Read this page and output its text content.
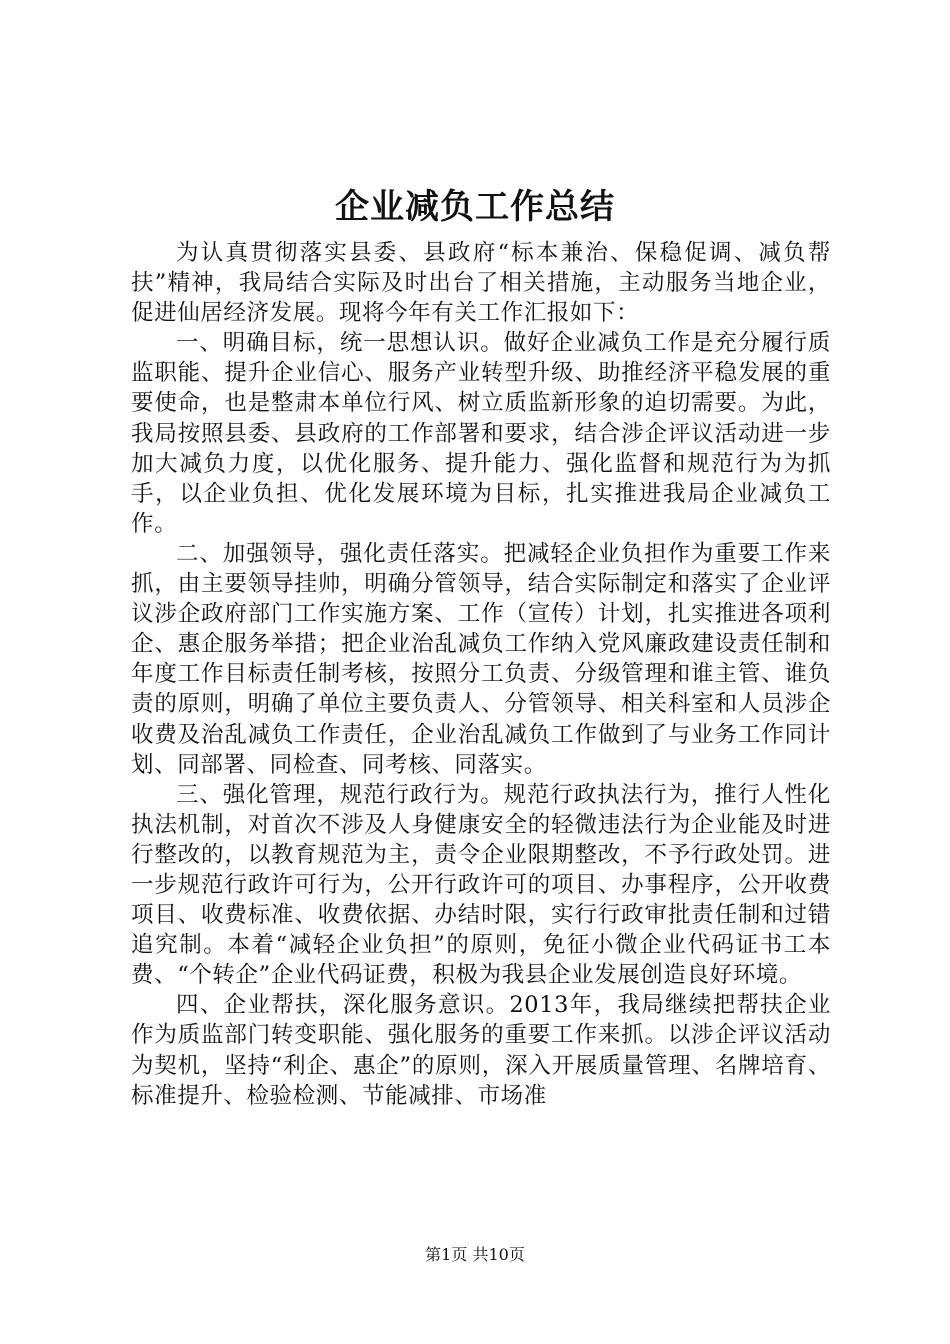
企业减负工作总结

为认真贯彻落实县委、县政府“标本兼治、保稳促调、减负帮扶”精神，我局结合实际及时出台了相关措施，主动服务当地企业，促进仙居经济发展。现将今年有关工作汇报如下：

一、明确目标，统一思想认识。做好企业减负工作是充分履行质监职能、提升企业信心、服务产业转型升级、助推经济平稳发展的重要使命，也是整肃本单位行风、树立质监新形象的迫切需要。为此，我局按照县委、县政府的工作部署和要求，结合涉企评议活动进一步加大减负力度，以优化服务、提升能力、强化监督和规范行为为抓手，以企业负担、优化发展环境为目标，扎实推进我局企业减负工作。

二、加强领导，强化责任落实。把减轻企业负担作为重要工作来抓，由主要领导挂帅，明确分管领导，结合实际制定和落实了企业评议涉企政府部门工作实施方案、工作（宣传）计划，扎实推进各项利企、惠企服务举措；把企业治乱减负工作纳入党风廉政建设责任制和年度工作目标责任制考核，按照分工负责、分级管理和谁主管、谁负责的原则，明确了单位主要负责人、分管领导、相关科室和人员涉企收费及治乱减负工作责任，企业治乱减负工作做到了与业务工作同计划、同部署、同检查、同考核、同落实。

三、强化管理，规范行政行为。规范行政执法行为，推行人性化执法机制，对首次不涉及人身健康安全的轻微违法行为企业能及时进行整改的，以教育规范为主，责令企业限期整改，不予行政处罚。进一步规范行政许可行为，公开行政许可的项目、办事程序，公开收费项目、收费标准、收费依据、办结时限，实行行政审批责任制和过错追究制。本着“减轻企业负担”的原则，免征小微企业代码证书工本费、“个转企”企业代码证费，积极为我县企业发展创造良好环境。

四、企业帮扶，深化服务意识。2013年，我局继续把帮扶企业作为质监部门转变职能、强化服务的重要工作来抓。以涉企评议活动为契机，坚持“利企、惠企”的原则，深入开展质量管理、名牌培育、标准提升、检验检测、节能减排、市场准

第1页 共10页
